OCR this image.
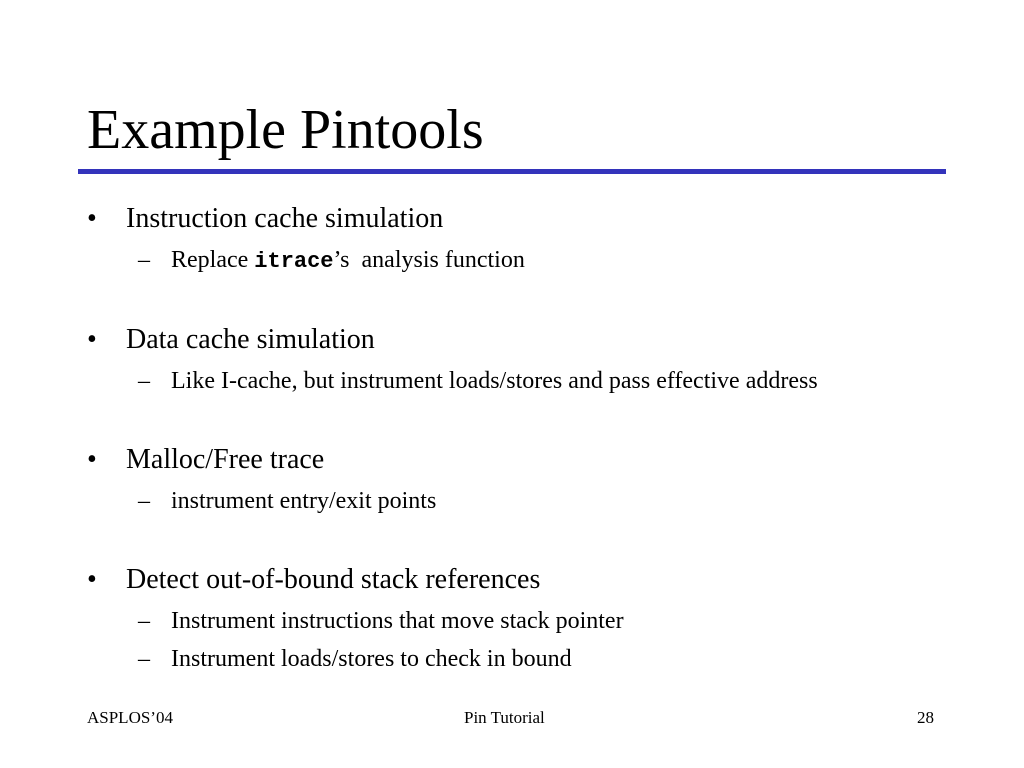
Example Pintools
• Instruction cache simulation
– Replace itrace’s  analysis function
• Data cache simulation
– Like I-cache, but instrument loads/stores and pass effective address
• Malloc/Free trace
– instrument entry/exit points
• Detect out-of-bound stack references
– Instrument instructions that move stack pointer
– Instrument loads/stores to check in bound
ASPLOS’04	Pin Tutorial	28
